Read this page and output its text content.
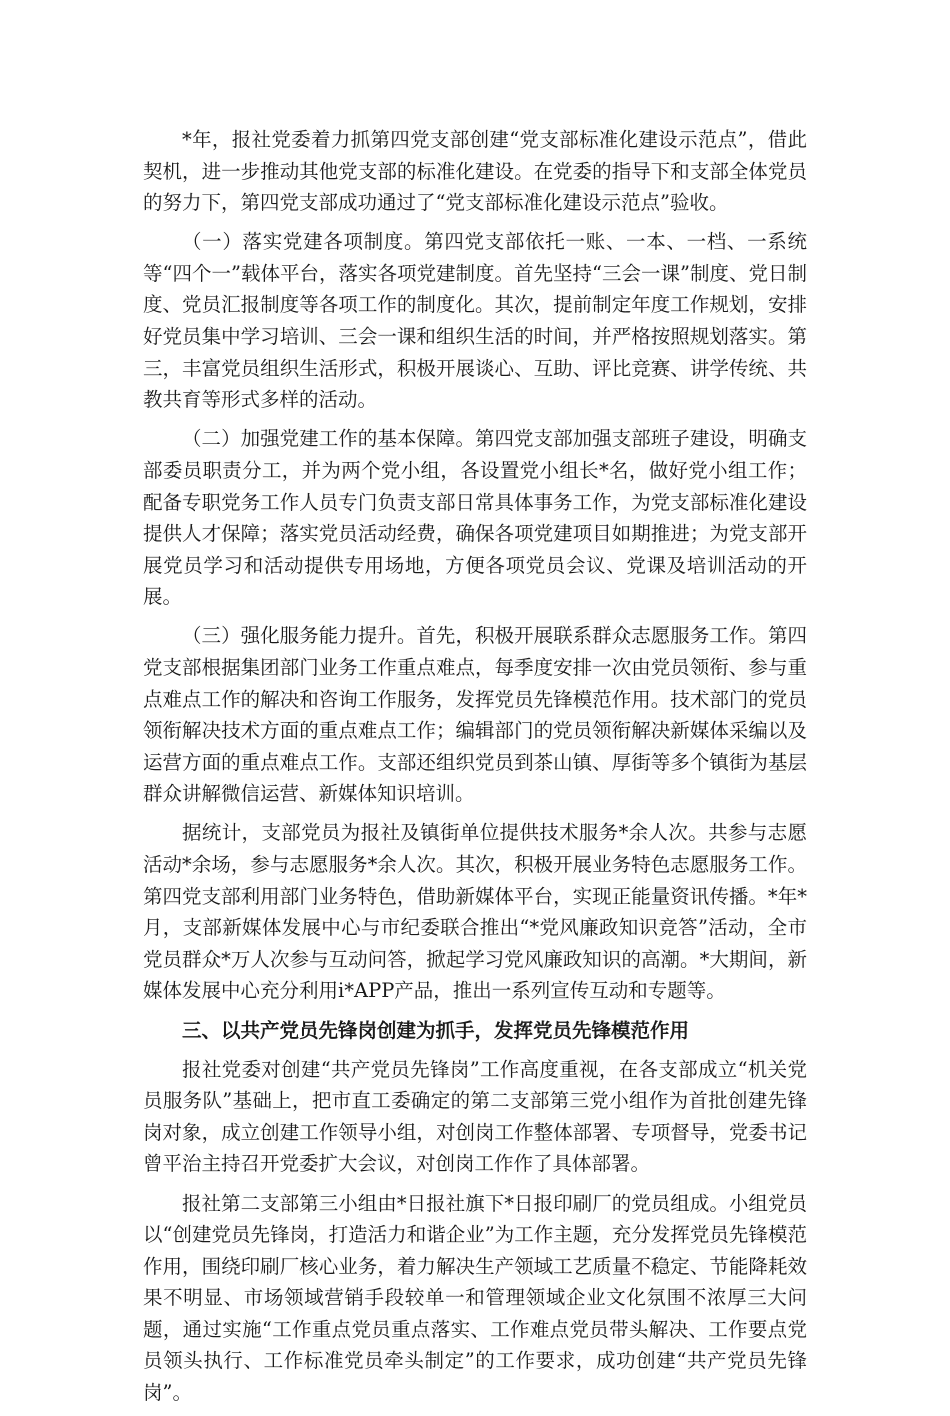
*年，报社党委着力抓第四党支部创建“党支部标准化建设示范点”，借此契机，进一步推动其他党支部的标准化建设。在党委的指导下和支部全体党员的努力下，第四党支部成功通过了“党支部标准化建设示范点”验收。

（一）落实党建各项制度。第四党支部依托一账、一本、一档、一系统等“四个一”载体平台，落实各项党建制度。首先坚持“三会一课”制度、党日制度、党员汇报制度等各项工作的制度化。其次，提前制定年度工作规划，安排好党员集中学习培训、三会一课和组织生活的时间，并严格按照规划落实。第三，丰富党员组织生活形式，积极开展谈心、互助、评比竞赛、讲学传统、共教共育等形式多样的活动。

（二）加强党建工作的基本保障。第四党支部加强支部班子建设，明确支部委员职责分工，并为两个党小组，各设置党小组长*名，做好党小组工作；配备专职党务工作人员专门负责支部日常具体事务工作，为党支部标准化建设提供人才保障；落实党员活动经费，确保各项党建项目如期推进；为党支部开展党员学习和活动提供专用场地，方便各项党员会议、党课及培训活动的开展。

（三）强化服务能力提升。首先，积极开展联系群众志愿服务工作。第四党支部根据集团部门业务工作重点难点，每季度安排一次由党员领衔、参与重点难点工作的解决和咨询工作服务，发挥党员先锋模范作用。技术部门的党员领衔解决技术方面的重点难点工作；编辑部门的党员领衔解决新媒体采编以及运营方面的重点难点工作。支部还组织党员到茶山镇、厚街等多个镇街为基层群众讲解微信运营、新媒体知识培训。

据统计，支部党员为报社及镇街单位提供技术服务*余人次。共参与志愿活动*余场，参与志愿服务*余人次。其次，积极开展业务特色志愿服务工作。第四党支部利用部门业务特色，借助新媒体平台，实现正能量资讯传播。*年*月，支部新媒体发展中心与市纪委联合推出“*党风廉政知识竞答”活动，全市党员群众*万人次参与互动问答，掀起学习党风廉政知识的高潮。*大期间，新媒体发展中心充分利用i*APP产品，推出一系列宣传互动和专题等。

三、以共产党员先锋岗创建为抓手，发挥党员先锋模范作用

报社党委对创建“共产党员先锋岗”工作高度重视，在各支部成立“机关党员服务队”基础上，把市直工委确定的第二支部第三党小组作为首批创建先锋岗对象，成立创建工作领导小组，对创岗工作整体部署、专项督导，党委书记曾平治主持召开党委扩大会议，对创岗工作作了具体部署。

报社第二支部第三小组由*日报社旗下*日报印刷厂的党员组成。小组党员以“创建党员先锋岗，打造活力和谐企业”为工作主题，充分发挥党员先锋模范作用，围绕印刷厂核心业务，着力解决生产领域工艺质量不稳定、节能降耗效果不明显、市场领域营销手段较单一和管理领域企业文化氛围不浓厚三大问题，通过实施“工作重点党员重点落实、工作难点党员带头解决、工作要点党员领头执行、工作标准党员牵头制定”的工作要求，成功创建“共产党员先锋岗”。
